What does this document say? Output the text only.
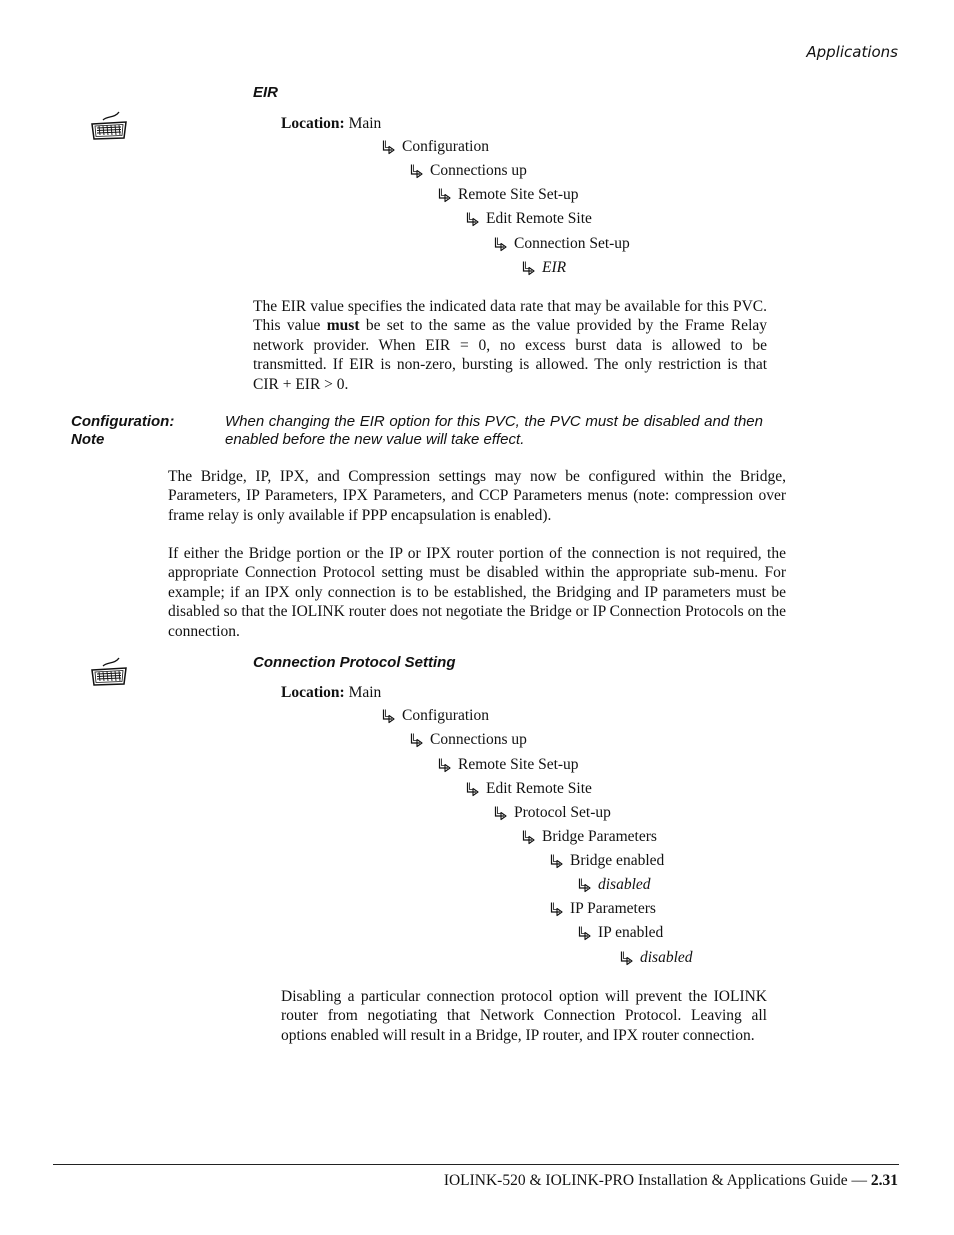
Applications
EIR
Location: Main
Configuration
Connections up
Remote Site Set-up
Edit Remote Site
Connection Set-up
EIR

The EIR value specifies the indicated data rate that may be available for this PVC. This value must be set to the same as the value provided by the Frame Relay network provider. When EIR = 0, no excess burst data is allowed to be transmitted. If EIR is non-zero, bursting is allowed. The only restriction is that CIR + EIR > 0.

Configuration:
Note

When changing the EIR option for this PVC, the PVC must be disabled and then enabled before the new value will take effect.

The Bridge, IP, IPX, and Compression settings may now be configured within the Bridge, Parameters, IP Parameters, IPX Parameters, and CCP Parameters menus (note: compression over frame relay is only available if PPP encapsulation is enabled).

If either the Bridge portion or the IP or IPX router portion of the connection is not required, the appropriate Connection Protocol setting must be disabled within the appropriate sub-menu. For example; if an IPX only connection is to be established, the Bridging and IP parameters must be disabled so that the IOLINK router does not negotiate the Bridge or IP Connection Protocols on the connection.

Connection Protocol Setting
Location: Main
Configuration
Connections up
Remote Site Set-up
Edit Remote Site
Protocol Set-up
Bridge Parameters
Bridge enabled
disabled
IP Parameters
IP enabled
disabled

Disabling a particular connection protocol option will prevent the IOLINK router from negotiating that Network Connection Protocol. Leaving all options enabled will result in a Bridge, IP router, and IPX router connection.

IOLINK-520 & IOLINK-PRO Installation & Applications Guide — 2.31
